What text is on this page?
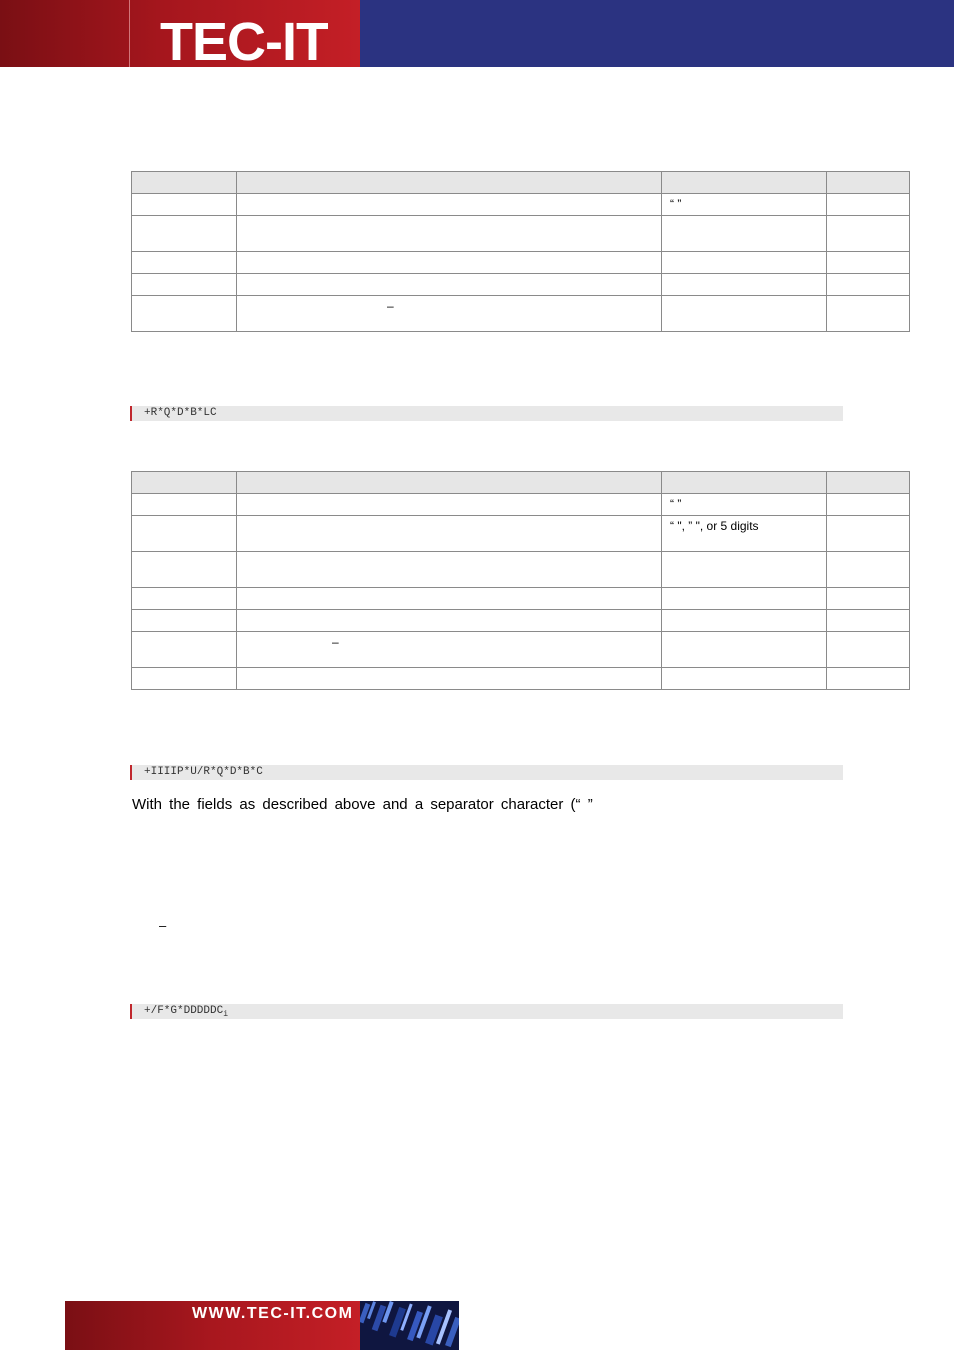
TEC-IT

		“ ”	

	–		
+R*Q*D*B*LC

		“ ”	
		“ ", ” ", or 5 digits	

	–		

+IIIIP*U/R*Q*D*B*C
With the fields as described above and a separator character (“ ”
–
$+/F*G*DDDDDC_i$
WWW.TEC-IT.COM
